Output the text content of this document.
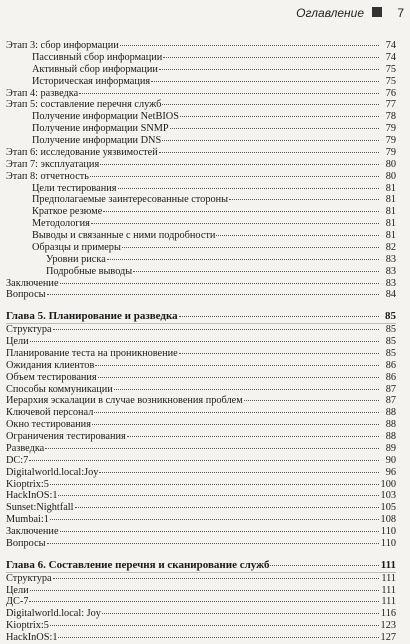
Оглавление	7
Этап 3: сбор информации	74
Пассивный сбор информации	74
Активный сбор информации	75
Историческая информация	75
Этап 4: разведка	76
Этап 5: составление перечня служб	77
Получение информации NetBIOS	78
Получение информации SNMP	79
Получение информации DNS	79
Этап 6: исследование уязвимостей	79
Этап 7: эксплуатация	80
Этап 8: отчетность	80
Цели тестирования	81
Предполагаемые заинтересованные стороны	81
Краткое резюме	81
Методология	81
Выводы и связанные с ними подробности	81
Образцы и примеры	82
Уровни риска	83
Подробные выводы	83
Заключение	83
Вопросы	84
Глава 5. Планирование и разведка	85
Структура	85
Цели	85
Планирование теста на проникновение	85
Ожидания клиентов	86
Объем тестирования	86
Способы коммуникации	87
Иерархия эскалации в случае возникновения проблем	87
Ключевой персонал	88
Окно тестирования	88
Ограничения тестирования	88
Разведка	89
DC:7	90
Digitalworld.local:Joy	96
Kioptrix:5	100
HackInOS:1	103
Sunset:Nightfall	105
Mumbai:1	108
Заключение	110
Вопросы	110
Глава 6. Составление перечня и сканирование служб	111
Структура	111
Цели	111
ДС-7	111
Digitalworld.local: Joy	116
Kioptrix:5	123
HackInOS:1	127
